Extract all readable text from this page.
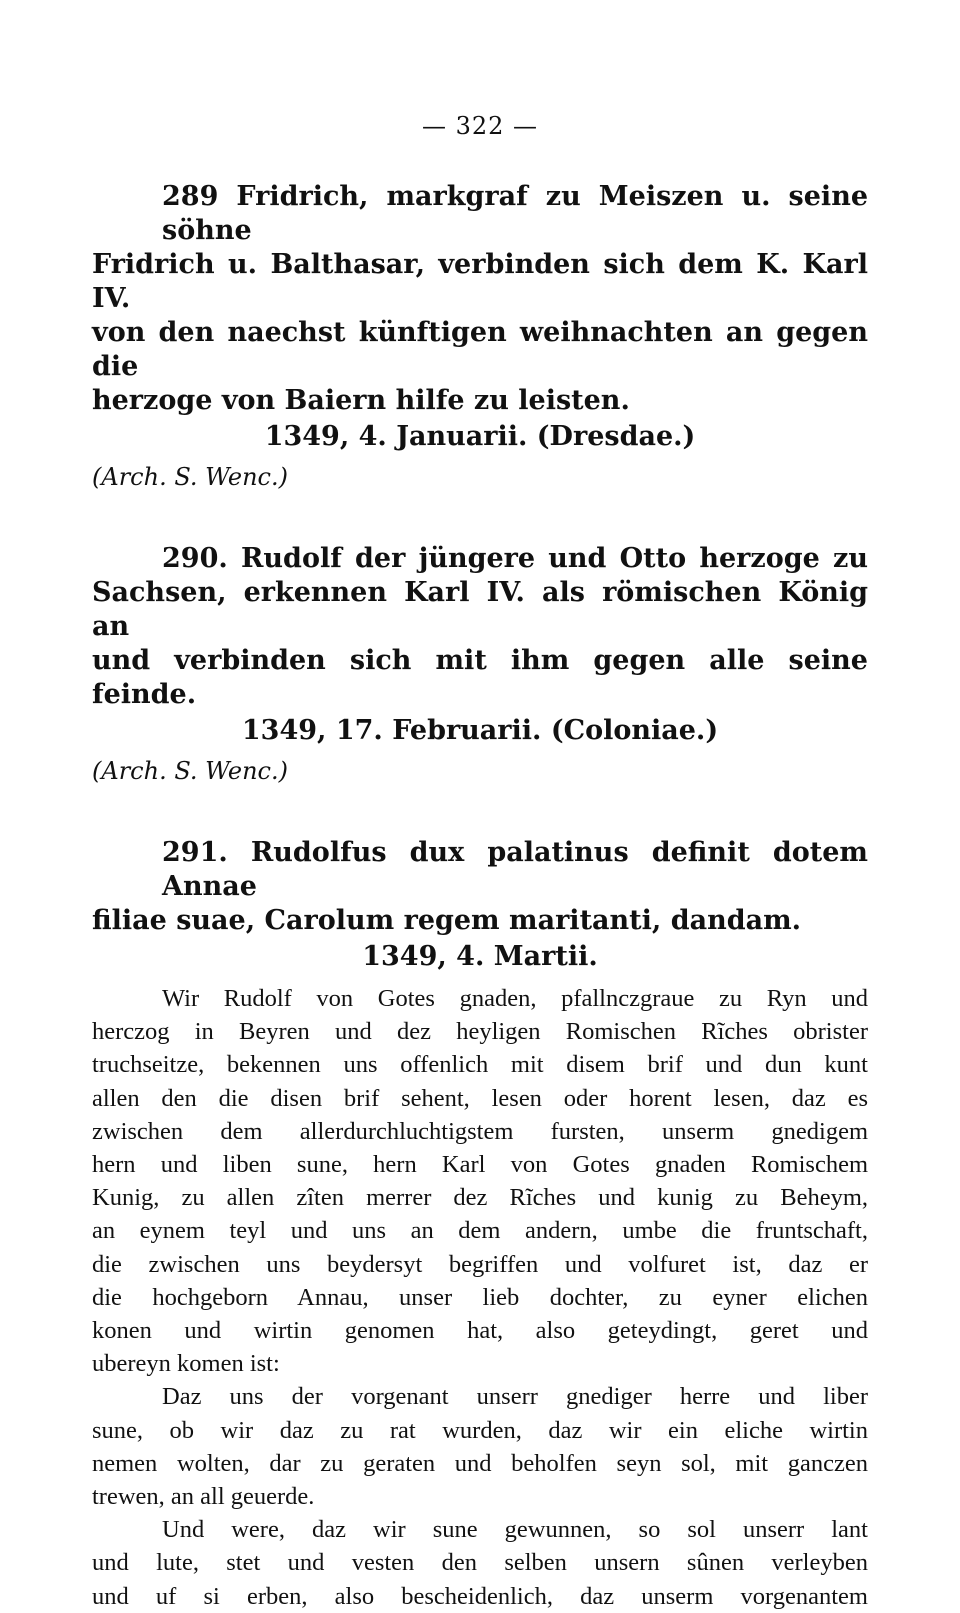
— 322 —

289 Fridrich, markgraf zu Meiszen u. seine söhne
Fridrich u. Balthasar, verbinden sich dem K. Karl IV.
von den naechst künftigen weihnachten an gegen die
herzoge von Baiern hilfe zu leisten.

1349, 4. Januarii. (Dresdae.)
(Arch. S. Wenc.)

290. Rudolf der jüngere und Otto herzoge zu
Sachsen, erkennen Karl IV. als römischen König an
und verbinden sich mit ihm gegen alle seine feinde.

1349, 17. Februarii. (Coloniae.)
(Arch. S. Wenc.)

291. Rudolfus dux palatinus definit dotem Annae
filiae suae, Carolum regem maritanti, dandam.

1349, 4. Martii.

Wir Rudolf von Gotes gnaden, pfallnczgraue zu Ryn und
herczog in Beyren und dez heyligen Romischen Rĩches obrister
truchseitze, bekennen uns offenlich mit disem brif und dun kunt
allen den die disen brif sehent, lesen oder horent lesen, daz es
zwischen dem allerdurchluchtigstem fursten, unserm gnedigem
hern und liben sune, hern Karl von Gotes gnaden Romischem
Kunig, zu allen zîten merrer dez Rĩches und kunig zu Beheym,
an eynem teyl und uns an dem andern, umbe die fruntschaft,
die zwischen uns beydersyt begriffen und volfuret ist, daz er
die hochgeborn Annau, unser lieb dochter, zu eyner elichen
konen und wirtin genomen hat, also geteydingt, geret und
ubereyn komen ist:

Daz uns der vorgenant unserr gnediger herre und liber
sune, ob wir daz zu rat wurden, daz wir ein eliche wirtin
nemen wolten, dar zu geraten und beholfen seyn sol, mit ganczen
trewen, an all geuerde.

Und were, daz wir sune gewunnen, so sol unserr lant
und lute, stet und vesten den selben unsern sûnen verleyben
und uf si erben, also bescheidenlich, daz unserm vorgenantem
